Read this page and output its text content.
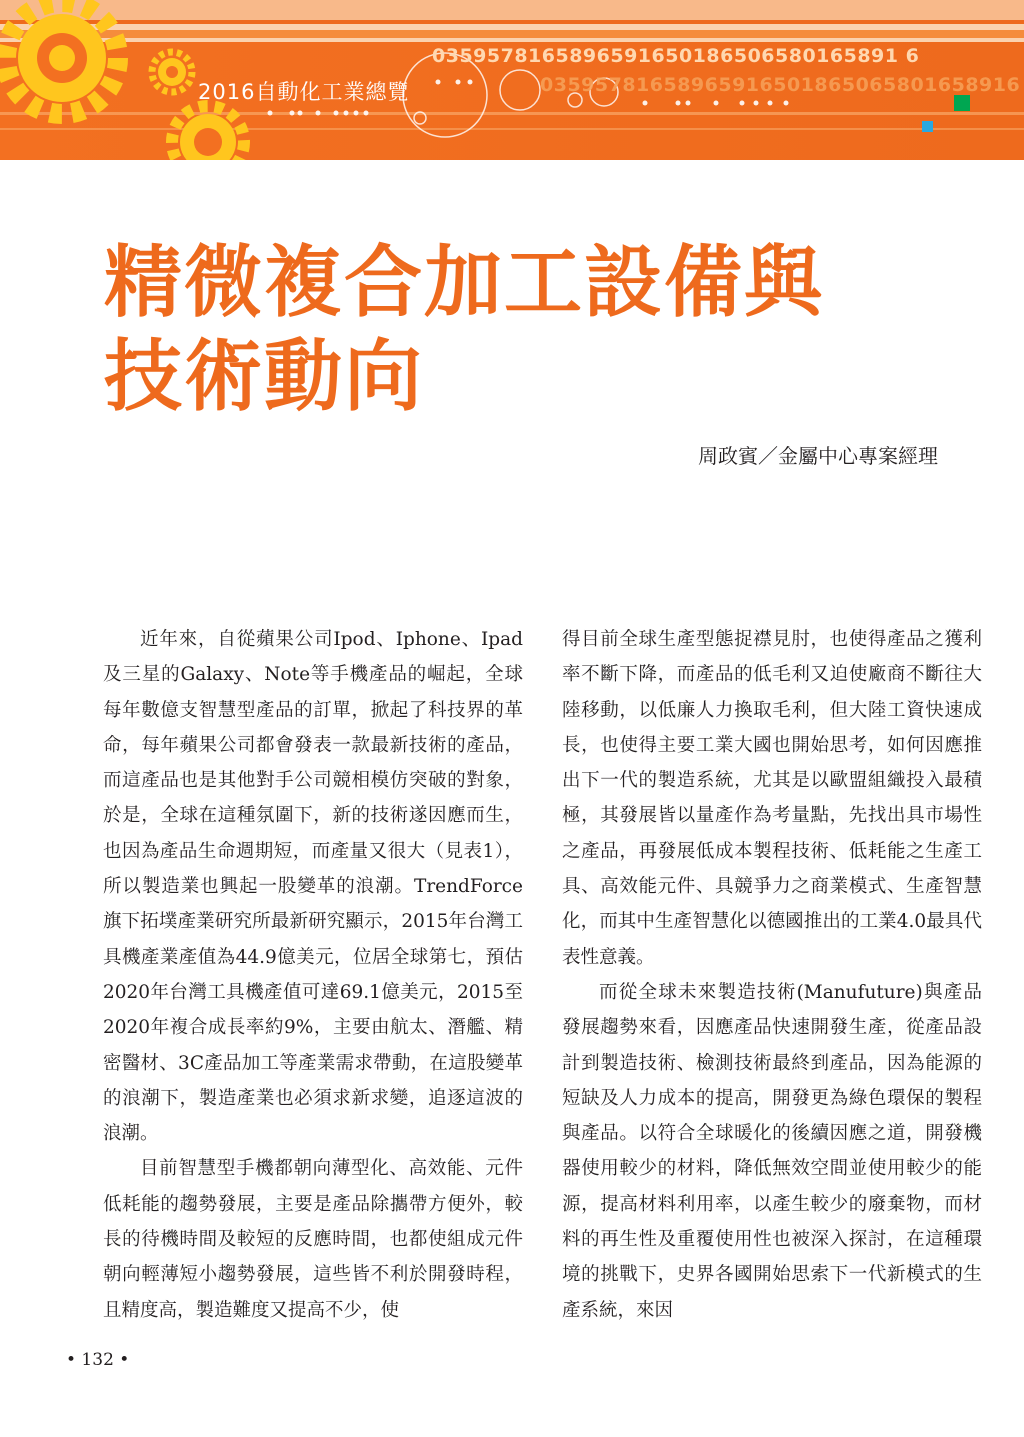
0359578165896591650186506580165891 6
03595781658965916501865065801658916
2016自動化工業總覽
精微複合加工設備與
技術動向
周政賓／金屬中心專案經理

近年來，自從蘋果公司Ipod、Iphone、Ipad及三星的Galaxy、Note等手機產品的崛起，全球每年數億支智慧型產品的訂單，掀起了科技界的革命，每年蘋果公司都會發表一款最新技術的產品，而這產品也是其他對手公司競相模仿突破的對象，於是，全球在這種氛圍下，新的技術遂因應而生，也因為產品生命週期短，而產量又很大（見表1），所以製造業也興起一股變革的浪潮。TrendForce旗下拓墣產業研究所最新研究顯示，2015年台灣工具機產業產值為44.9億美元，位居全球第七，預估2020年台灣工具機產值可達69.1億美元，2015至2020年複合成長率約9%，主要由航太、潛艦、精密醫材、3C產品加工等產業需求帶動，在這股變革的浪潮下，製造產業也必須求新求變，追逐這波的浪潮。

目前智慧型手機都朝向薄型化、高效能、元件低耗能的趨勢發展，主要是產品除攜帶方便外，較長的待機時間及較短的反應時間，也都使組成元件朝向輕薄短小趨勢發展，這些皆不利於開發時程，且精度高，製造難度又提高不少，使

得目前全球生產型態捉襟見肘，也使得產品之獲利率不斷下降，而產品的低毛利又迫使廠商不斷往大陸移動，以低廉人力換取毛利，但大陸工資快速成長，也使得主要工業大國也開始思考，如何因應推出下一代的製造系統，尤其是以歐盟組織投入最積極，其發展皆以量產作為考量點，先找出具市場性之產品，再發展低成本製程技術、低耗能之生產工具、高效能元件、具競爭力之商業模式、生產智慧化，而其中生產智慧化以德國推出的工業4.0最具代表性意義。

而從全球未來製造技術(Manufuture)與產品發展趨勢來看，因應產品快速開發生產，從產品設計到製造技術、檢測技術最終到產品，因為能源的短缺及人力成本的提高，開發更為綠色環保的製程與產品。以符合全球暖化的後續因應之道，開發機器使用較少的材料，降低無效空間並使用較少的能源，提高材料利用率，以產生較少的廢棄物，而材料的再生性及重覆使用性也被深入探討，在這種環境的挑戰下，史界各國開始思索下一代新模式的生產系統，來因

• 132 •
